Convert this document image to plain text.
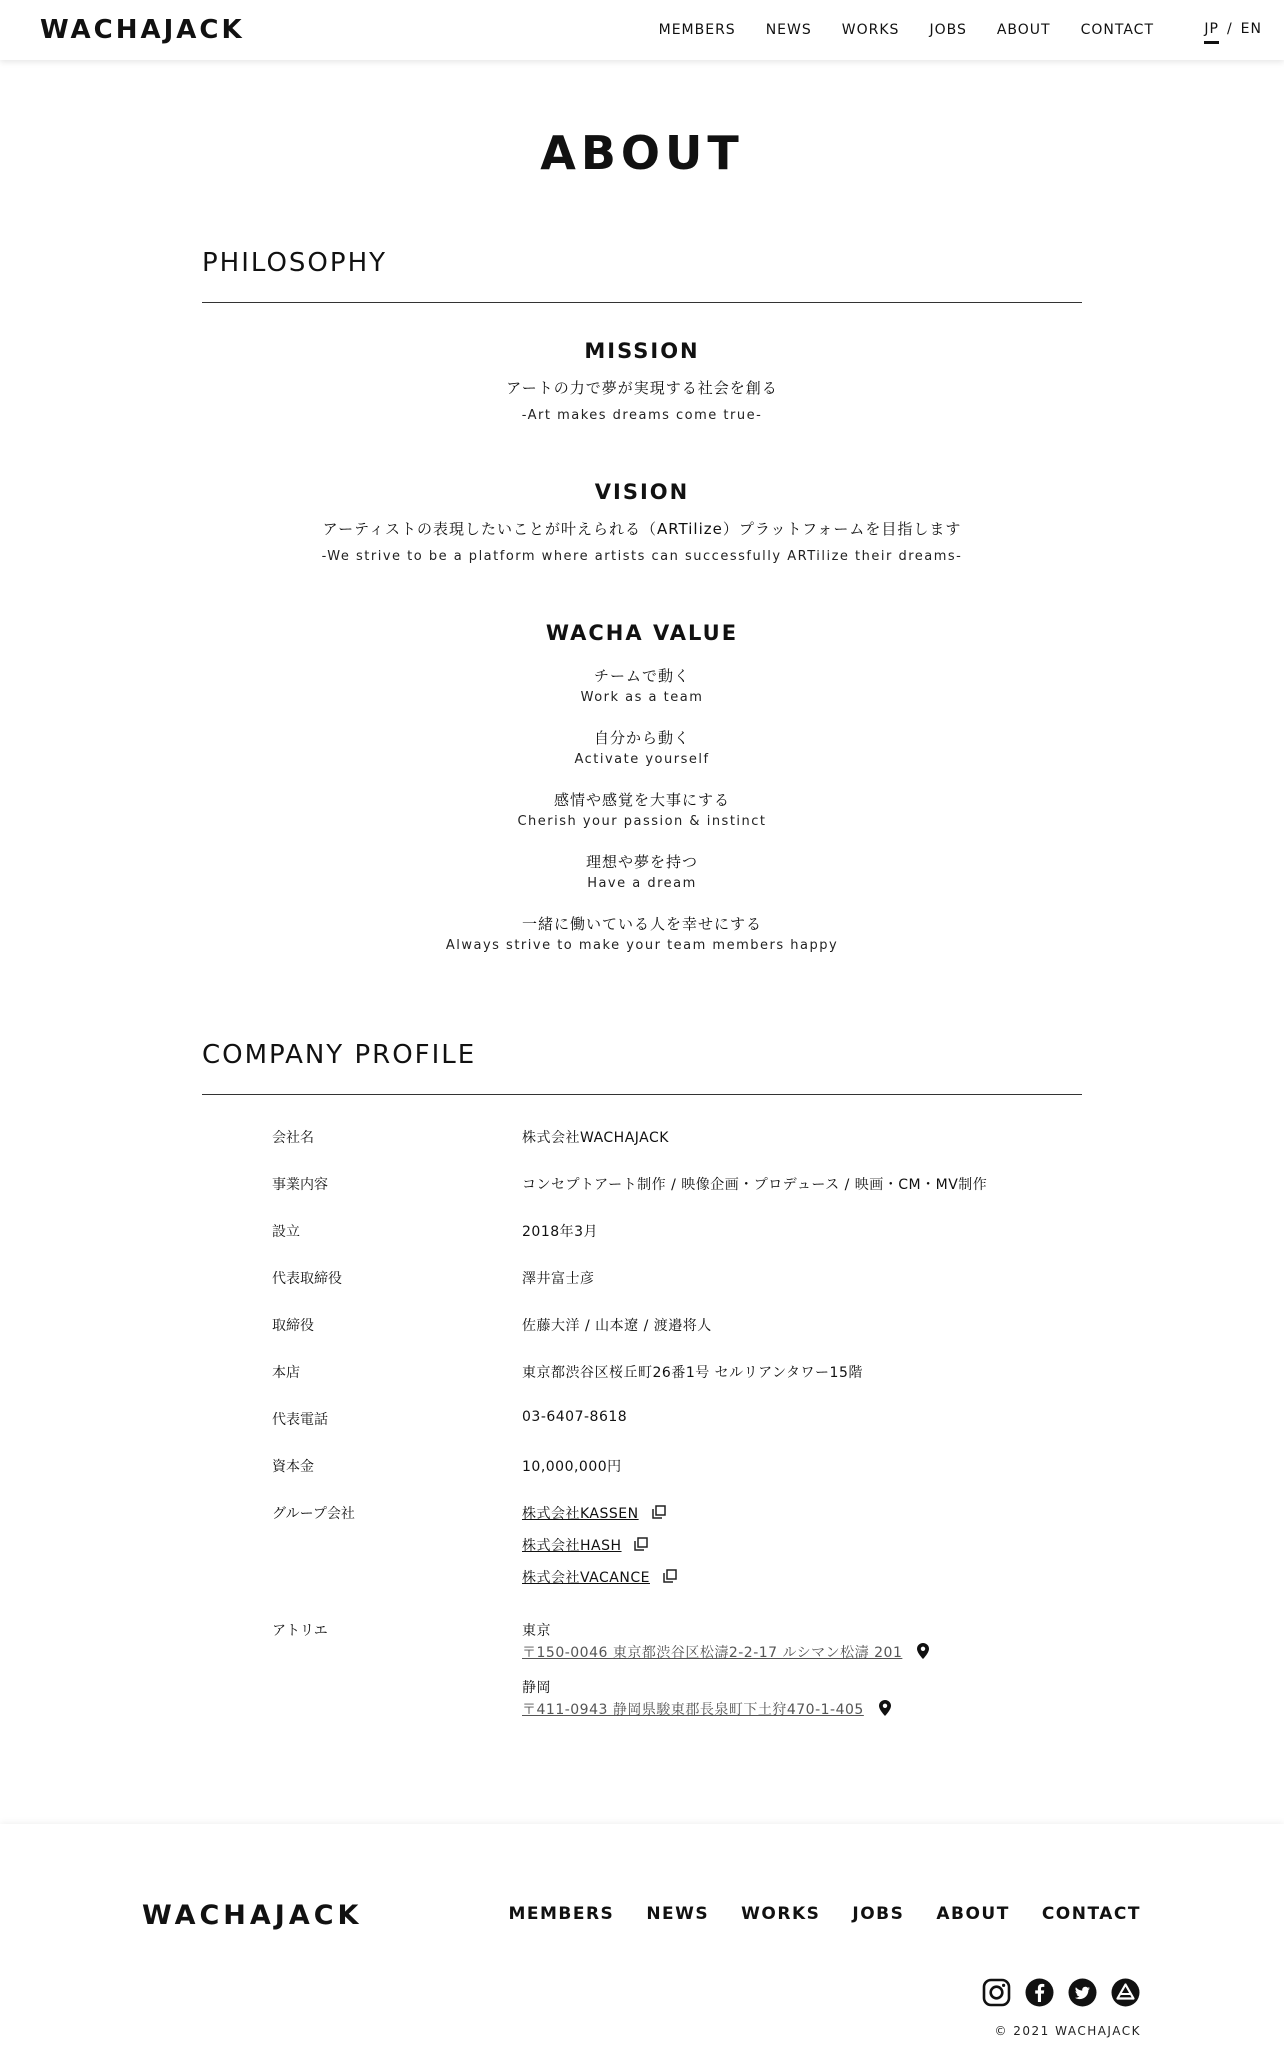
WACHAJACK	MEMBERS NEWS WORKS JOBS ABOUT CONTACT	JP / EN
ABOUT
PHILOSOPHY
MISSION
アートの力で夢が実現する社会を創る
-Art makes dreams come true-
VISION
アーティストの表現したいことが叶えられる（ARTilize）プラットフォームを目指します
-We strive to be a platform where artists can successfully ARTilize their dreams-
WACHA VALUE
チームで動く
Work as a team
自分から動く
Activate yourself
感情や感覚を大事にする
Cherish your passion & instinct
理想や夢を持つ
Have a dream
一緒に働いている人を幸せにする
Always strive to make your team members happy
COMPANY PROFILE
会社名	株式会社WACHAJACK
事業内容	コンセプトアート制作 / 映像企画・プロデュース / 映画・CM・MV制作
設立	2018年3月
代表取締役	澤井富士彦
取締役	佐藤大洋 / 山本遼 / 渡邉将人
本店	東京都渋谷区桜丘町26番1号 セルリアンタワー15階
代表電話	03-6407-8618
資本金	10,000,000円
グループ会社	株式会社KASSEN
株式会社HASH
株式会社VACANCE
アトリエ	東京
〒150-0046 東京都渋谷区松濤2-2-17 ルシマン松濤 201
静岡
〒411-0943 静岡県駿東郡長泉町下土狩470-1-405
WACHAJACK	MEMBERS NEWS WORKS JOBS ABOUT CONTACT
© 2021 WACHAJACK
